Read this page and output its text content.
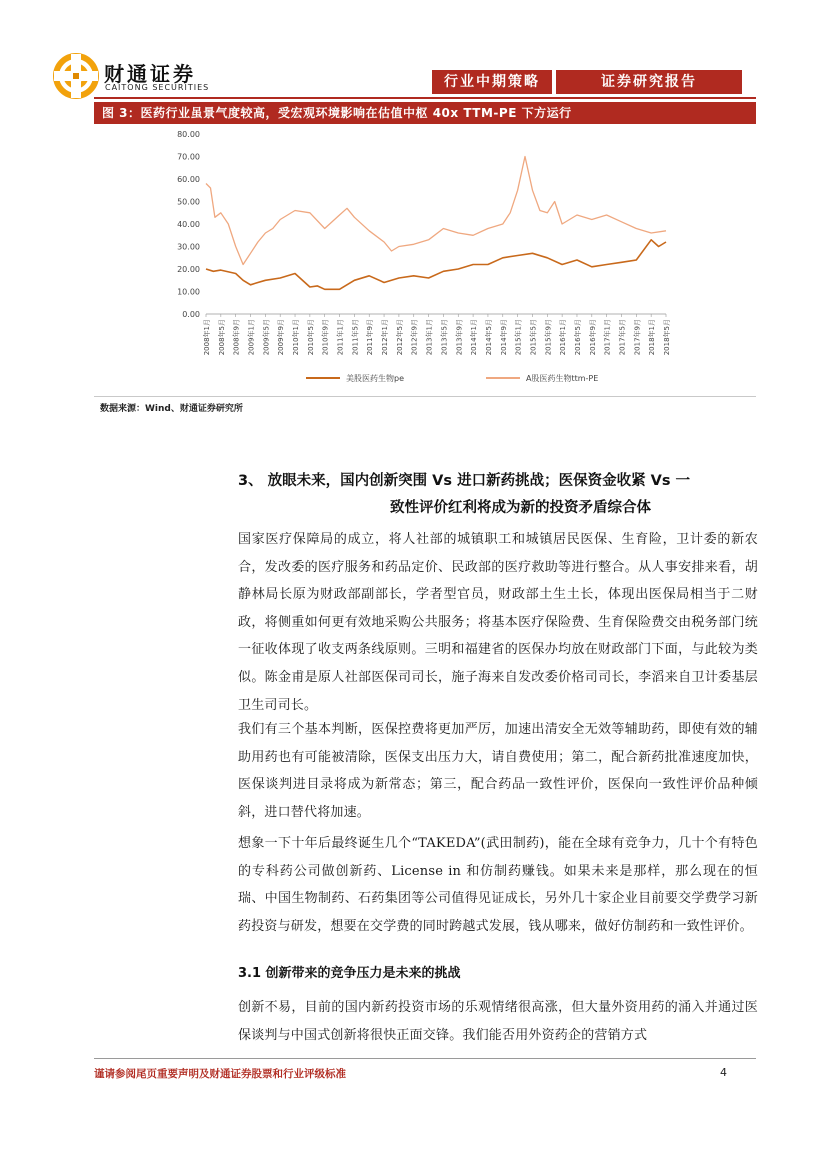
财通证券
CAITONG SECURITIES	行业中期策略	证券研究报告
图 3：医药行业虽景气度较高，受宏观环境影响在估值中枢 40x TTM-PE 下方运行
0.00
10.00
20.00
30.00
40.00
50.00
60.00
70.00
80.00
2008年1月 2008年5月 2008年9月 2009年1月 2009年5月 2009年9月 2010年1月 2010年5月 2010年9月 2011年1月 2011年5月 2011年9月 2012年1月 2012年5月 2012年9月 2013年1月 2013年5月 2013年9月 2014年1月 2014年5月 2014年9月 2015年1月 2015年5月 2015年9月 2016年1月 2016年5月 2016年9月 2017年1月 2017年5月 2017年9月 2018年1月 2018年5月
美股医药生物pe	A股医药生物ttm-PE
数据来源：Wind、财通证券研究所
3、 放眼未来，国内创新突围 Vs 进口新药挑战；医保资金收紧 Vs 一
致性评价红利将成为新的投资矛盾综合体

国家医疗保障局的成立，将人社部的城镇职工和城镇居民医保、生育险，卫计委的新农合，发改委的医疗服务和药品定价、民政部的医疗救助等进行整合。从人事安排来看，胡静林局长原为财政部副部长，学者型官员，财政部土生土长，体现出医保局相当于二财政，将侧重如何更有效地采购公共服务；将基本医疗保险费、生育保险费交由税务部门统一征收体现了收支两条线原则。三明和福建省的医保办均放在财政部门下面，与此较为类似。陈金甫是原人社部医保司司长，施子海来自发改委价格司司长，李滔来自卫计委基层卫生司司长。

我们有三个基本判断，医保控费将更加严厉，加速出清安全无效等辅助药，即使有效的辅助用药也有可能被清除，医保支出压力大，请自费使用；第二，配合新药批准速度加快，医保谈判进目录将成为新常态；第三，配合药品一致性评价，医保向一致性评价品种倾斜，进口替代将加速。

想象一下十年后最终诞生几个“TAKEDA”(武田制药)，能在全球有竞争力，几十个有特色的专科药公司做创新药、License in 和仿制药赚钱。如果未来是那样，那么现在的恒瑞、中国生物制药、石药集团等公司值得见证成长，另外几十家企业目前要交学费学习新药投资与研发，想要在交学费的同时跨越式发展，钱从哪来，做好仿制药和一致性评价。

3.1 创新带来的竞争压力是未来的挑战

创新不易，目前的国内新药投资市场的乐观情绪很高涨，但大量外资用药的涌入并通过医保谈判与中国式创新将很快正面交锋。我们能否用外资药企的营销方式

谨请参阅尾页重要声明及财通证券股票和行业评级标准	4
